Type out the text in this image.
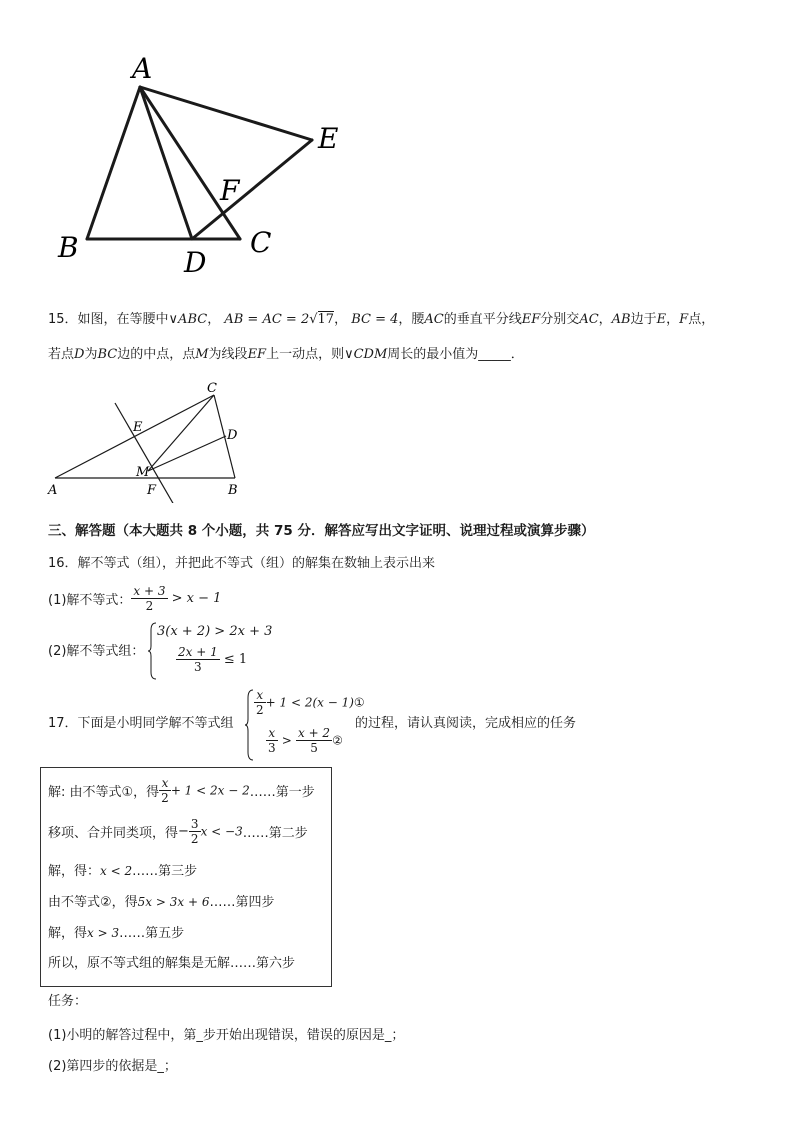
A
B	C
D
E
F
15．如图，在等腰中∨ABC， AB = AC = 2√17， BC = 4，腰AC的垂直平分线EF分别交AC，AB边于E，F点，
若点D为BC边的中点，点M为线段EF上一动点，则∨CDM周长的最小值为_____．
C
E
D
M
A	F	B
三、解答题（本大题共 8 个小题，共 75 分．解答应写出文字证明、说理过程或演算步骤）
16．解不等式（组），并把此不等式（组）的解集在数轴上表示出来
(1)解不等式： $\frac{x + 3}{2} > x - 1$
(2)解不等式组：
3(x + 2) > 2x + 3
$\frac{2x + 1}{3} \le 1$
17．下面是小明同学解不等式组
$\frac{x}{2} + 1 < 2(x$ − 1)①
$\frac{x}{3} > \frac{x + 2}{5}$ ②
的过程，请认真阅读，完成相应的任务
解: 由不等式①，得 $\frac{x}{2} + 1 < 2x$ − 2……第一步
移项、合并同类项，得− $\frac{3}{2}$ x < −3……第二步
解，得：x < 2……第三步
由不等式②，得5x > 3x + 6……第四步
解，得x > 3……第五步
所以，原不等式组的解集是无解……第六步
任务：
(1)小明的解答过程中，第_步开始出现错误，错误的原因是_；
(2)第四步的依据是_；
